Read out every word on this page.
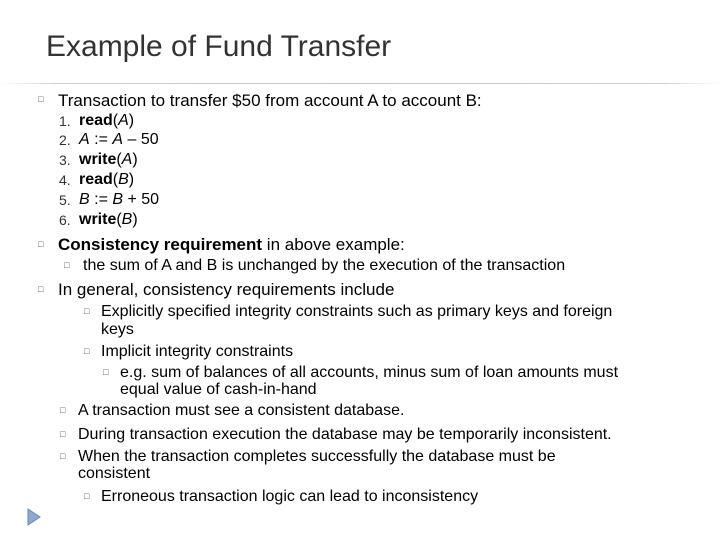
Example of Fund Transfer
□ Transaction to transfer $50 from account A to account B:
1. read(A)
2. A := A – 50
3. write(A)
4. read(B)
5. B := B + 50
6. write(B)
□ Consistency requirement in above example:
□ the sum of A and B is unchanged by the execution of the transaction
□ In general, consistency requirements include
□ Explicitly specified integrity constraints such as primary keys and foreign
keys
□ Implicit integrity constraints
□ e.g. sum of balances of all accounts, minus sum of loan amounts must
equal value of cash-in-hand
□ A transaction must see a consistent database.
□ During transaction execution the database may be temporarily inconsistent.
□ When the transaction completes successfully the database must be
consistent
□ Erroneous transaction logic can lead to inconsistency
